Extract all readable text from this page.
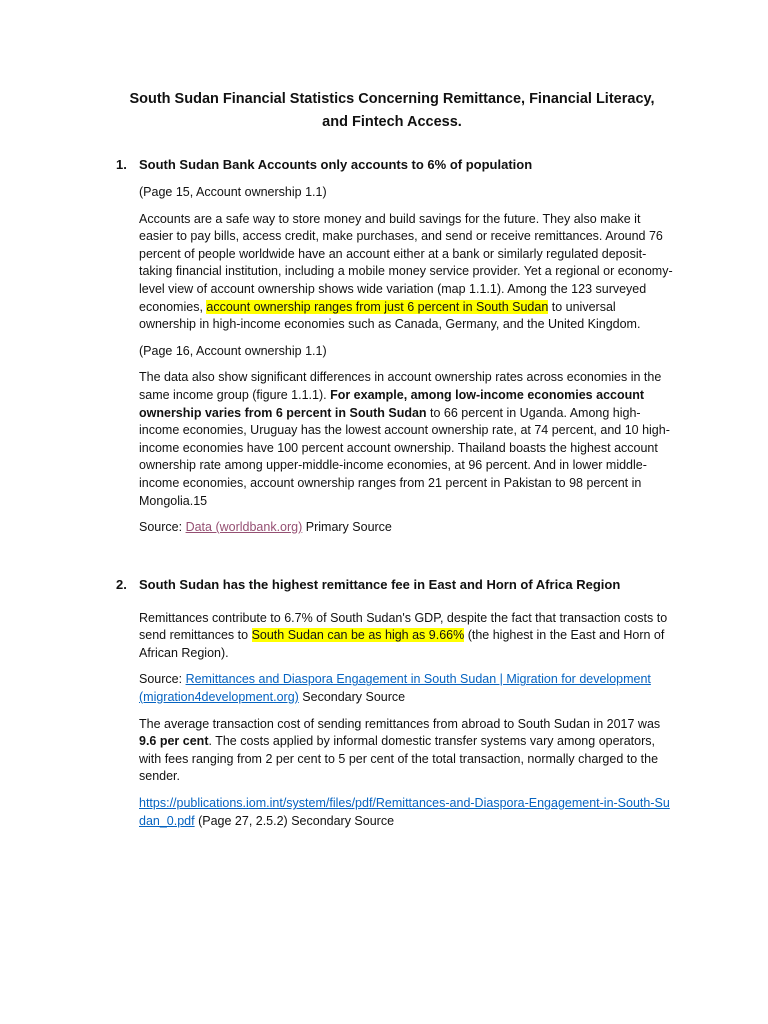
South Sudan Financial Statistics Concerning Remittance, Financial Literacy, and Fintech Access.
1. South Sudan Bank Accounts only accounts to 6% of population

(Page 15, Account ownership 1.1)

Accounts are a safe way to store money and build savings for the future. They also make it easier to pay bills, access credit, make purchases, and send or receive remittances. Around 76 percent of people worldwide have an account either at a bank or similarly regulated deposit-taking financial institution, including a mobile money service provider. Yet a regional or economy-level view of account ownership shows wide variation (map 1.1.1). Among the 123 surveyed economies, account ownership ranges from just 6 percent in South Sudan to universal ownership in high-income economies such as Canada, Germany, and the United Kingdom.

(Page 16, Account ownership 1.1)

The data also show significant differences in account ownership rates across economies in the same income group (figure 1.1.1). For example, among low-income economies account ownership varies from 6 percent in South Sudan to 66 percent in Uganda. Among high-income economies, Uruguay has the lowest account ownership rate, at 74 percent, and 10 high-income economies have 100 percent account ownership. Thailand boasts the highest account ownership rate among upper-middle-income economies, at 96 percent. And in lower middle-income economies, account ownership ranges from 21 percent in Pakistan to 98 percent in Mongolia.15

Source: Data (worldbank.org) Primary Source

2. South Sudan has the highest remittance fee in East and Horn of Africa Region

Remittances contribute to 6.7% of South Sudan's GDP, despite the fact that transaction costs to send remittances to South Sudan can be as high as 9.66% (the highest in the East and Horn of African Region).

Source: Remittances and Diaspora Engagement in South Sudan | Migration for development (migration4development.org) Secondary Source

The average transaction cost of sending remittances from abroad to South Sudan in 2017 was 9.6 per cent. The costs applied by informal domestic transfer systems vary among operators, with fees ranging from 2 per cent to 5 per cent of the total transaction, normally charged to the sender.

https://publications.iom.int/system/files/pdf/Remittances-and-Diaspora-Engagement-in-South-Sudan_0.pdf (Page 27, 2.5.2) Secondary Source
